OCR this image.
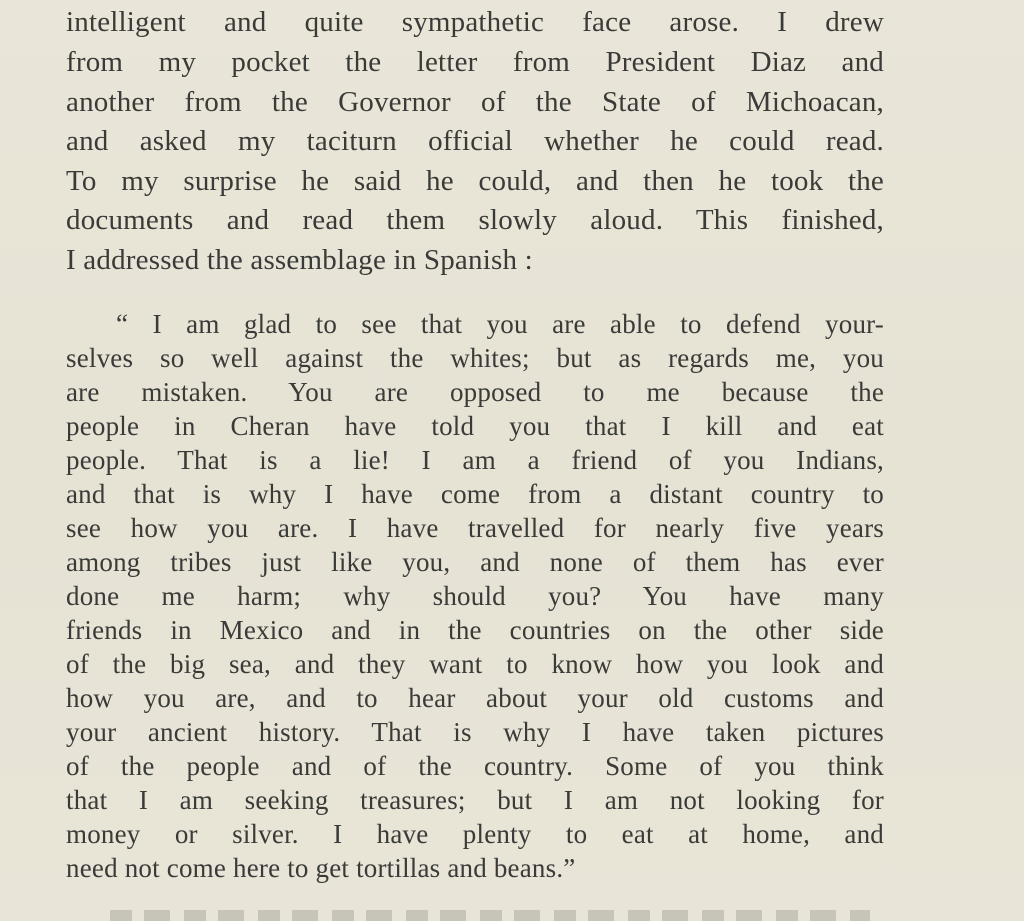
intelligent and quite sympathetic face arose. I drew
from my pocket the letter from President Diaz and
another from the Governor of the State of Michoacan,
and asked my taciturn official whether he could read.
To my surprise he said he could, and then he took the
documents and read them slowly aloud. This finished,
I addressed the assemblage in Spanish :
“ I am glad to see that you are able to defend your-
selves so well against the whites; but as regards me, you
are mistaken. You are opposed to me because the
people in Cheran have told you that I kill and eat
people. That is a lie! I am a friend of you Indians,
and that is why I have come from a distant country to
see how you are. I have travelled for nearly five years
among tribes just like you, and none of them has ever
done me harm; why should you? You have many
friends in Mexico and in the countries on the other side
of the big sea, and they want to know how you look and
how you are, and to hear about your old customs and
your ancient history. That is why I have taken pictures
of the people and of the country. Some of you think
that I am seeking treasures; but I am not looking for
money or silver. I have plenty to eat at home, and
need not come here to get tortillas and beans.”
